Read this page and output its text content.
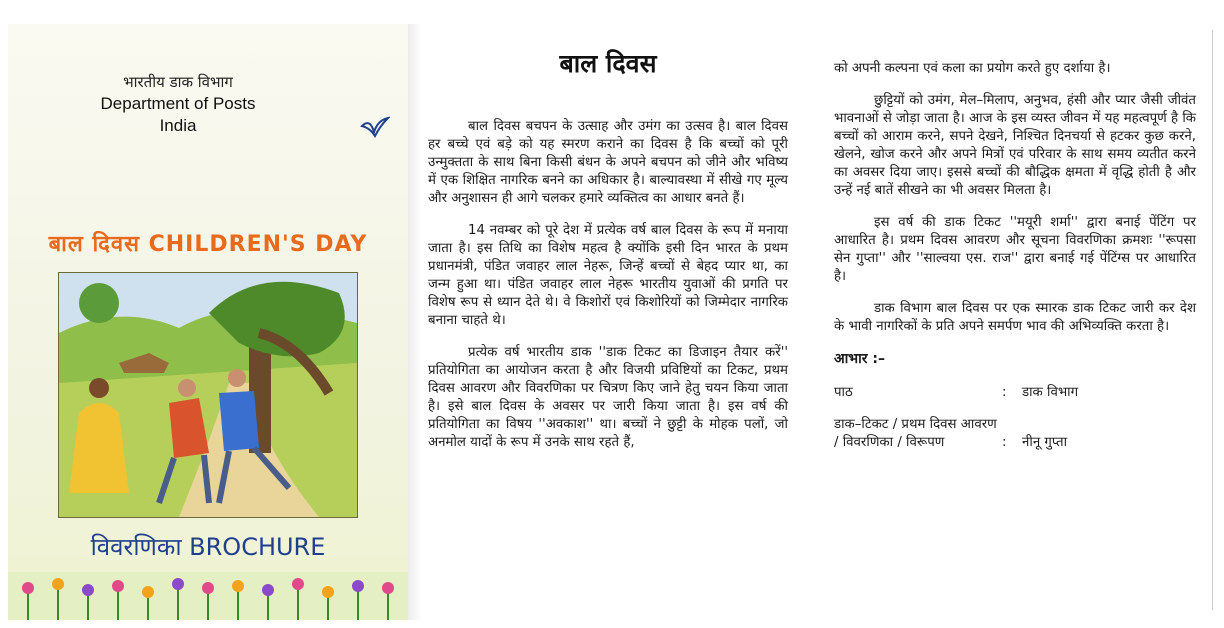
भारतीय डाक विभाग
Department of Posts
India
बाल दिवस CHILDREN'S DAY
विवरणिका BROCHURE
बाल दिवस

बाल दिवस बचपन के उत्साह और उमंग का उत्सव है। बाल दिवस हर बच्चे एवं बड़े को यह स्मरण कराने का दिवस है कि बच्चों को पूरी उन्मुक्तता के साथ बिना किसी बंधन के अपने बचपन को जीने और भविष्य में एक शिक्षित नागरिक बनने का अधिकार है। बाल्यावस्था में सीखे गए मूल्य और अनुशासन ही आगे चलकर हमारे व्यक्तित्व का आधार बनते हैं।

14 नवम्बर को पूरे देश में प्रत्येक वर्ष बाल दिवस के रूप में मनाया जाता है। इस तिथि का विशेष महत्व है क्योंकि इसी दिन भारत के प्रथम प्रधानमंत्री, पंडित जवाहर लाल नेहरू, जिन्हें बच्चों से बेहद प्यार था, का जन्म हुआ था। पंडित जवाहर लाल नेहरू भारतीय युवाओं की प्रगति पर विशेष रूप से ध्यान देते थे। वे किशोरों एवं किशोरियों को जिम्मेदार नागरिक बनाना चाहते थे।

प्रत्येक वर्ष भारतीय डाक ''डाक टिकट का डिजाइन तैयार करें'' प्रतियोगिता का आयोजन करता है और विजयी प्रविष्टियों का टिकट, प्रथम दिवस आवरण और विवरणिका पर चित्रण किए जाने हेतु चयन किया जाता है। इसे बाल दिवस के अवसर पर जारी किया जाता है। इस वर्ष की प्रतियोगिता का विषय ''अवकाश'' था। बच्चों ने छुट्टी के मोहक पलों, जो अनमोल यादों के रूप में उनके साथ रहते हैं,

को अपनी कल्पना एवं कला का प्रयोग करते हुए दर्शाया है।

छुट्टियों को उमंग, मेल–मिलाप, अनुभव, हंसी और प्यार जैसी जीवंत भावनाओं से जोड़ा जाता है। आज के इस व्यस्त जीवन में यह महत्वपूर्ण है कि बच्चों को आराम करने, सपने देखने, निश्चित दिनचर्या से हटकर कुछ करने, खेलने, खोज करने और अपने मित्रों एवं परिवार के साथ समय व्यतीत करने का अवसर दिया जाए। इससे बच्चों की बौद्धिक क्षमता में वृद्धि होती है और उन्हें नई बातें सीखने का भी अवसर मिलता है।

इस वर्ष की डाक टिकट ''मयूरी शर्मा'' द्वारा बनाई पेंटिंग पर आधारित है। प्रथम दिवस आवरण और सूचना विवरणिका क्रमशः ''रूपसा सेन गुप्ता'' और ''साल्वया एस. राज'' द्वारा बनाई गई पेंटिंग्स पर आधारित है।

डाक विभाग बाल दिवस पर एक स्मारक डाक टिकट जारी कर देश के भावी नागरिकों के प्रति अपने समर्पण भाव की अभिव्यक्ति करता है।

आभार :–
पाठ	:	डाक विभाग
डाक–टिकट / प्रथम दिवस आवरण / विवरणिका / विरूपण	:	नीनू गुप्ता
